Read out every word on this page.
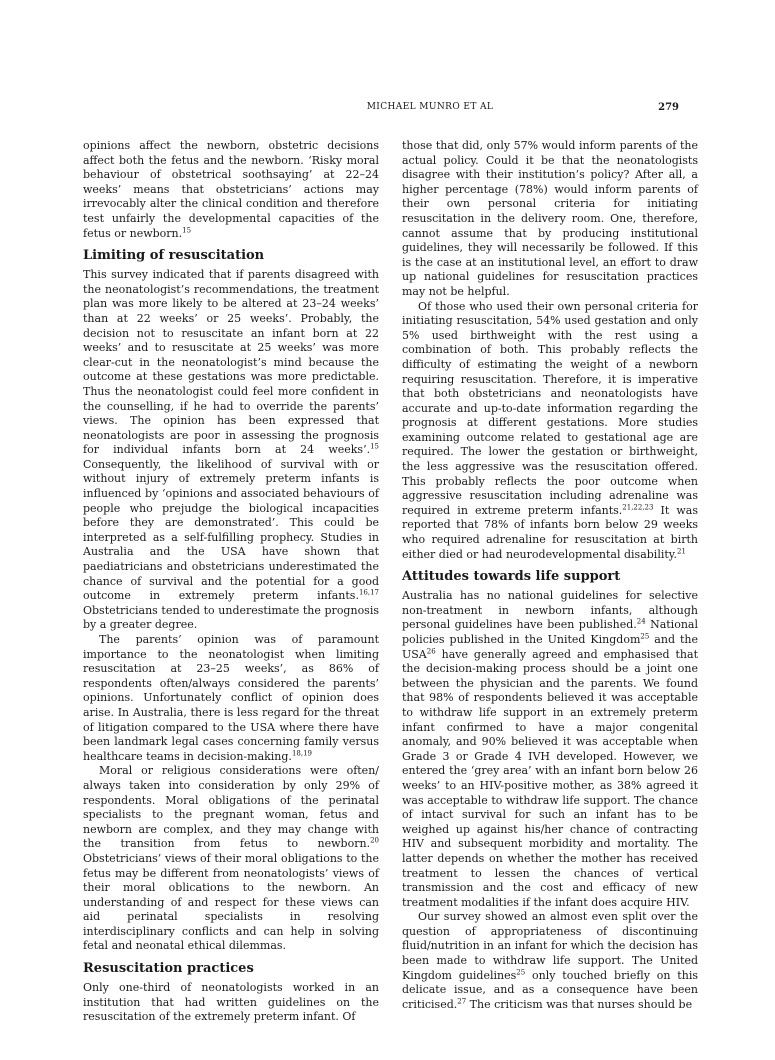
MICHAEL MUNRO ET AL	279

opinions affect the newborn, obstetric decisions affect both the fetus and the newborn. ‘Risky moral behaviour of obstetrical soothsaying’ at 22–24 weeks’ means that obstetricians’ actions may irrevocably alter the clinical condition and therefore test unfairly the developmental capacities of the fetus or newborn.$^{15}$

Limiting of resuscitation

This survey indicated that if parents disagreed with the neonatologist’s recommendations, the treatment plan was more likely to be altered at 23–24 weeks’ than at 22 weeks’ or 25 weeks’. Probably, the decision not to resuscitate an infant born at 22 weeks’ and to resuscitate at 25 weeks’ was more clear-cut in the neonatologist’s mind because the outcome at these gestations was more predictable. Thus the neonatologist could feel more confident in the counselling, if he had to override the parents’ views. The opinion has been expressed that neonatologists are poor in assessing the prognosis for individual infants born at 24 weeks’.$^{15}$ Consequently, the likelihood of survival with or without injury of extremely preterm infants is influenced by ‘opinions and associated behaviours of people who prejudge the biological incapacities before they are demonstrated’. This could be interpreted as a self-fulfilling prophecy. Studies in Australia and the USA have shown that paediatricians and obstetricians underestimated the chance of survival and the potential for a good outcome in extremely preterm infants.$^{16,17}$ Obstetricians tended to underestimate the prognosis by a greater degree.

The parents’ opinion was of paramount importance to the neonatologist when limiting resuscitation at 23–25 weeks’, as 86% of respondents often/always considered the parents’ opinions. Unfortunately conflict of opinion does arise. In Australia, there is less regard for the threat of litigation compared to the USA where there have been landmark legal cases concerning family versus healthcare teams in decision-making.$^{18,19}$

Moral or religious considerations were often/ always taken into consideration by only 29% of respondents. Moral obligations of the perinatal specialists to the pregnant woman, fetus and newborn are complex, and they may change with the transition from fetus to newborn.$^{20}$ Obstetricians’ views of their moral obligations to the fetus may be different from neonatologists’ views of their moral oblications to the newborn. An understanding of and respect for these views can aid perinatal specialists in resolving interdisciplinary conflicts and can help in solving fetal and neonatal ethical dilemmas.

Resuscitation practices

Only one-third of neonatologists worked in an institution that had written guidelines on the resuscitation of the extremely preterm infant. Of

those that did, only 57% would inform parents of the actual policy. Could it be that the neonatologists disagree with their institution’s policy? After all, a higher percentage (78%) would inform parents of their own personal criteria for initiating resuscitation in the delivery room. One, therefore, cannot assume that by producing institutional guidelines, they will necessarily be followed. If this is the case at an institutional level, an effort to draw up national guidelines for resuscitation practices may not be helpful.

Of those who used their own personal criteria for initiating resuscitation, 54% used gestation and only 5% used birthweight with the rest using a combination of both. This probably reflects the difficulty of estimating the weight of a newborn requiring resuscitation. Therefore, it is imperative that both obstetricians and neonatologists have accurate and up-to-date information regarding the prognosis at different gestations. More studies examining outcome related to gestational age are required. The lower the gestation or birthweight, the less aggressive was the resuscitation offered. This probably reflects the poor outcome when aggressive resuscitation including adrenaline was required in extreme preterm infants.$^{21,22,23}$ It was reported that 78% of infants born below 29 weeks who required adrenaline for resuscitation at birth either died or had neurodevelopmental disability.$^{21}$

Attitudes towards life support

Australia has no national guidelines for selective non-treatment in newborn infants, although personal guidelines have been published.$^{24}$ National policies published in the United Kingdom$^{25}$ and the USA$^{26}$ have generally agreed and emphasised that the decision-making process should be a joint one between the physician and the parents. We found that 98% of respondents believed it was acceptable to withdraw life support in an extremely preterm infant confirmed to have a major congenital anomaly, and 90% believed it was acceptable when Grade 3 or Grade 4 IVH developed. However, we entered the ‘grey area’ with an infant born below 26 weeks’ to an HIV-positive mother, as 38% agreed it was acceptable to withdraw life support. The chance of intact survival for such an infant has to be weighed up against his/her chance of contracting HIV and subsequent morbidity and mortality. The latter depends on whether the mother has received treatment to lessen the chances of vertical transmission and the cost and efficacy of new treatment modalities if the infant does acquire HIV.

Our survey showed an almost even split over the question of appropriateness of discontinuing fluid/nutrition in an infant for which the decision has been made to withdraw life support. The United Kingdom guidelines$^{25}$ only touched briefly on this delicate issue, and as a consequence have been criticised.$^{27}$ The criticism was that nurses should be
